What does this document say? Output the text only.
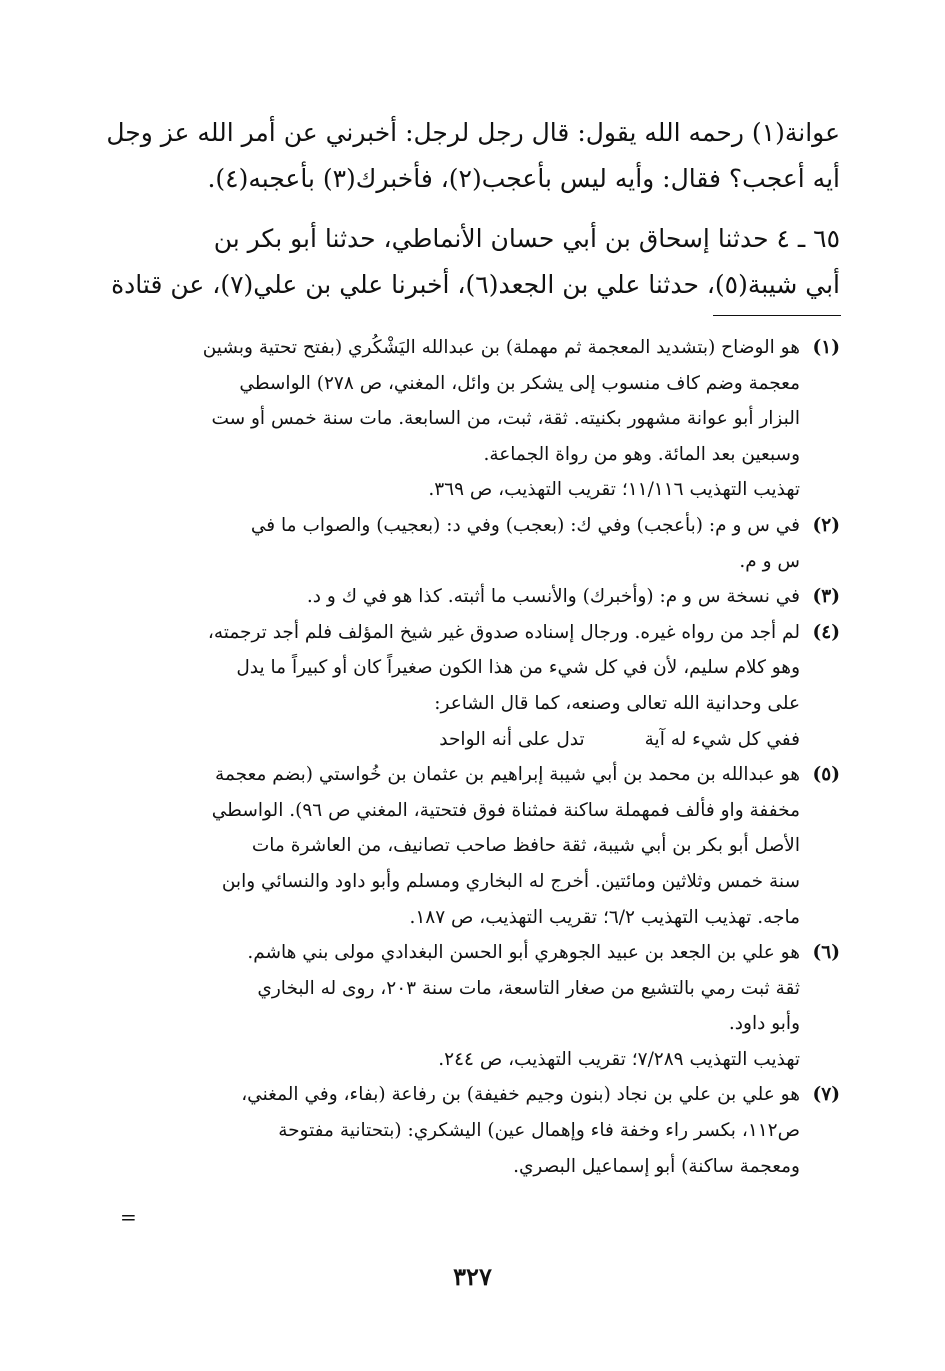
عوانة(١) رحمه الله يقول: قال رجل لرجل: أخبرني عن أمر الله عز وجل
أيه أعجب؟ فقال: وأيه ليس بأعجب(٢)، فأخبرك(٣) بأعجبه(٤).
٦٥ ـ ٤ حدثنا إسحاق بن أبي حسان الأنماطي، حدثنا أبو بكر بن
أبي شيبة(٥)، حدثنا علي بن الجعد(٦)، أخبرنا علي بن علي(٧)، عن قتادة
(١)
هو الوضاح (بتشديد المعجمة ثم مهملة) بن عبدالله اليَشْكُري (بفتح تحتية وبشين
معجمة وضم كاف منسوب إلى يشكر بن وائل، المغني، ص ٢٧٨) الواسطي
البزار أبو عوانة مشهور بكنيته. ثقة، ثبت، من السابعة. مات سنة خمس أو ست
وسبعين بعد المائة. وهو من رواة الجماعة.
تهذيب التهذيب ١١/١١٦؛ تقريب التهذيب، ص ٣٦٩.
(٢)
في س و م: (بأعجب) وفي ك: (بعجب) وفي د: (بعجيب) والصواب ما في
س و م.
(٣)
في نسخة س و م: (وأخبرك) والأنسب ما أثبته. كذا هو في ك و د.
(٤)
لم أجد من رواه غيره. ورجال إسناده صدوق غير شيخ المؤلف فلم أجد ترجمته،
وهو كلام سليم، لأن في كل شيء من هذا الكون صغيراً كان أو كبيراً ما يدل
على وحدانية الله تعالى وصنعه، كما قال الشاعر:
ففي كل شيء له آية
تدل على أنه الواحد
(٥)
هو عبدالله بن محمد بن أبي شيبة إبراهيم بن عثمان بن خُواستي (بضم معجمة
مخففة واو فألف فمهملة ساكنة فمثناة فوق فتحتية، المغني ص ٩٦). الواسطي
الأصل أبو بكر بن أبي شيبة، ثقة حافظ صاحب تصانيف، من العاشرة مات
سنة خمس وثلاثين ومائتين. أخرج له البخاري ومسلم وأبو داود والنسائي وابن
ماجه. تهذيب التهذيب ٦/٢؛ تقريب التهذيب، ص ١٨٧.
(٦)
هو علي بن الجعد بن عبيد الجوهري أبو الحسن البغدادي مولى بني هاشم.
ثقة ثبت رمي بالتشيع من صغار التاسعة، مات سنة ٢٠٣، روى له البخاري
وأبو داود.
تهذيب التهذيب ٧/٢٨٩؛ تقريب التهذيب، ص ٢٤٤.
(٧)
هو علي بن علي بن نجاد (بنون وجيم خفيفة) بن رفاعة (بفاء، وفي المغني،
ص١١٢، بكسر راء وخفة فاء وإهمال عين) اليشكري: (بتحتانية مفتوحة
ومعجمة ساكنة) أبو إسماعيل البصري.
=
٣٢٧
